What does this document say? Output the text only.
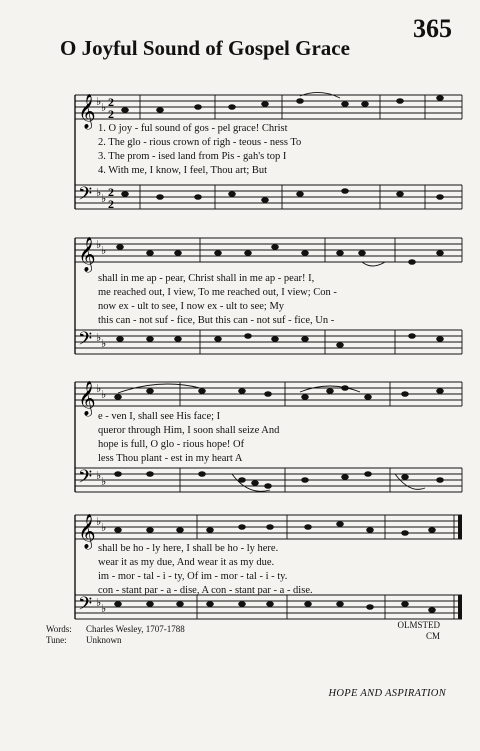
365
O Joyful Sound of Gospel Grace
𝄞
𝄢
♭ ♭
♭ ♭
2
2
2
2
1. O joy - ful sound of gos - pel grace! Christ
2. The glo - rious crown of righ - teous - ness To
3. The prom - ised land from Pis - gah's top I
4. With me, I know, I feel, Thou art; But
𝄞
𝄢
♭ ♭
♭ ♭
shall in me ap - pear, Christ shall in me ap - pear! I,
me reached out, I view, To me reached out, I view; Con -
now ex - ult to see, I now ex - ult to see; My
this can - not suf - fice, But this can - not suf - fice, Un -
𝄞
𝄢
♭ ♭
♭ ♭
e - ven I, shall see His face; I
queror through Him, I soon shall seize And
hope is full, O glo - rious hope! Of
less Thou plant - est in my heart A
𝄞
𝄢
♭ ♭
♭ ♭
shall be ho - ly here, I shall be ho - ly here.
wear it as my due, And wear it as my due.
im - mor - tal - i - ty, Of im - mor - tal - i - ty.
con - stant par - a - dise, A con - stant par - a - dise.
Words: Charles Wesley, 1707-1788
Tune: Unknown
OLMSTED
CM
HOPE AND ASPIRATION
